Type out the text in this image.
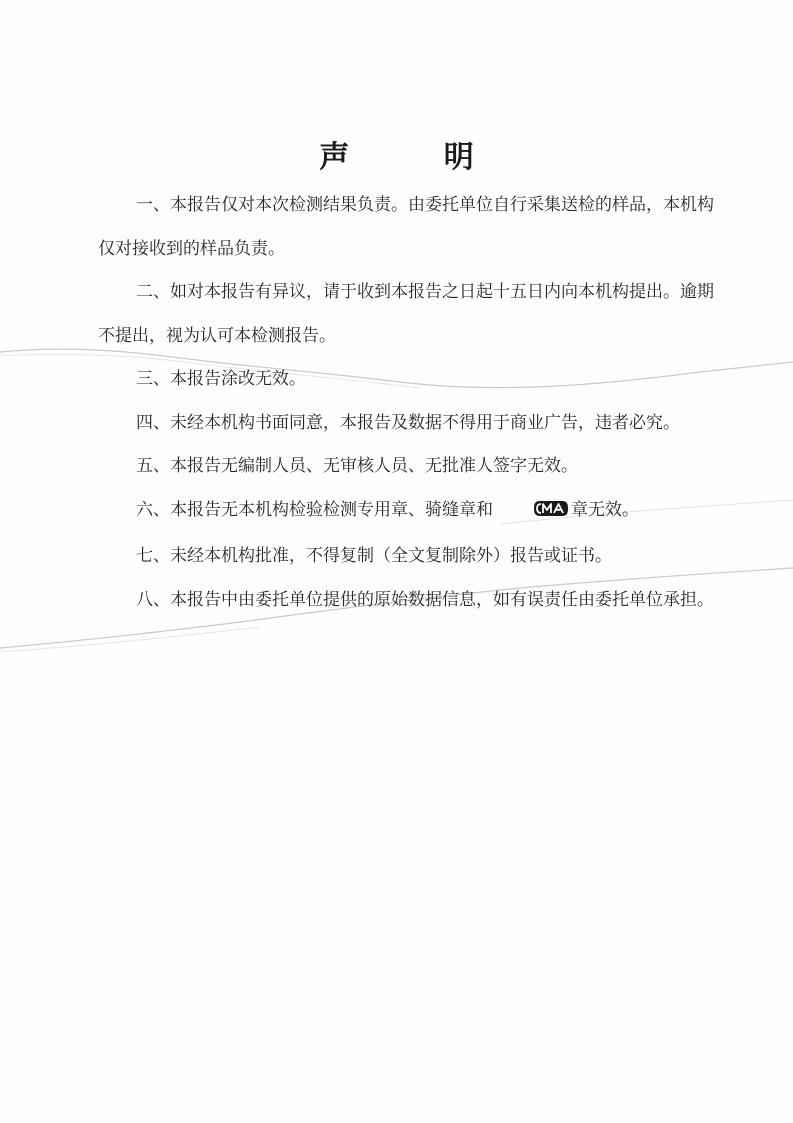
声 明

一、本报告仅对本次检测结果负责。由委托单位自行采集送检的样品，本机构仅对接收到的样品负责。

二、如对本报告有异议，请于收到本报告之日起十五日内向本机构提出。逾期不提出，视为认可本检测报告。

三、本报告涂改无效。

四、未经本机构书面同意，本报告及数据不得用于商业广告，违者必究。

五、本报告无编制人员、无审核人员、无批准人签字无效。

六、本报告无本机构检验检测专用章、骑缝章和	章无效。

七、未经本机构批准，不得复制（全文复制除外）报告或证书。

八、本报告中由委托单位提供的原始数据信息，如有误责任由委托单位承担。
